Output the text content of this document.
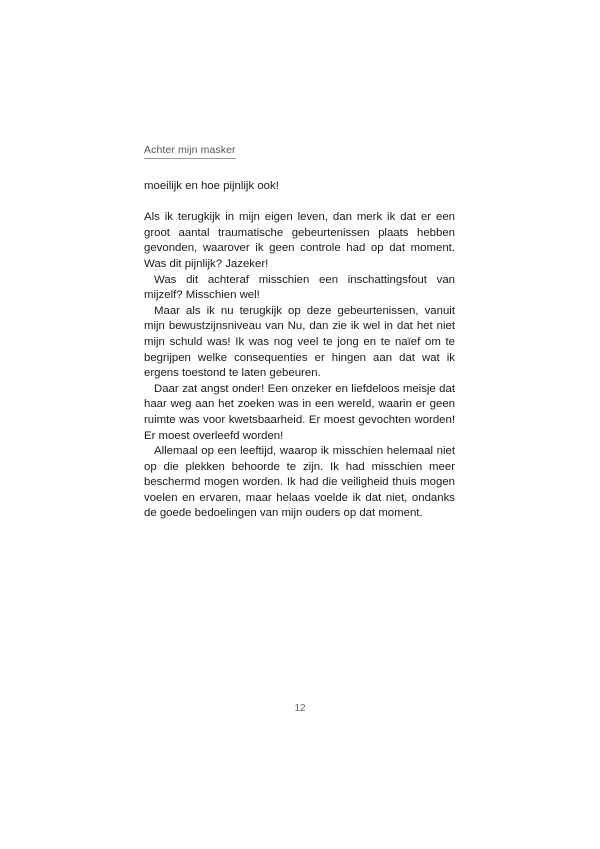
Achter mijn masker

moeilijk en hoe pijnlijk ook!

Als ik terugkijk in mijn eigen leven, dan merk ik dat er een groot aantal traumatische gebeurtenissen plaats hebben gevonden, waarover ik geen controle had op dat moment. Was dit pijnlijk? Jazeker!

Was dit achteraf misschien een inschattingsfout van mijzelf? Misschien wel!

Maar als ik nu terugkijk op deze gebeurtenissen, vanuit mijn bewustzijnsniveau van Nu, dan zie ik wel in dat het niet mijn schuld was! Ik was nog veel te jong en te naïef om te begrijpen welke consequenties er hingen aan dat wat ik ergens toestond te laten gebeuren.

Daar zat angst onder! Een onzeker en liefdeloos meisje dat haar weg aan het zoeken was in een wereld, waarin er geen ruimte was voor kwetsbaarheid. Er moest gevochten worden! Er moest overleefd worden!

Allemaal op een leeftijd, waarop ik misschien helemaal niet op die plekken behoorde te zijn. Ik had misschien meer beschermd mogen worden. Ik had die veiligheid thuis mogen voelen en ervaren, maar helaas voelde ik dat niet, ondanks de goede bedoelingen van mijn ouders op dat moment.

12
